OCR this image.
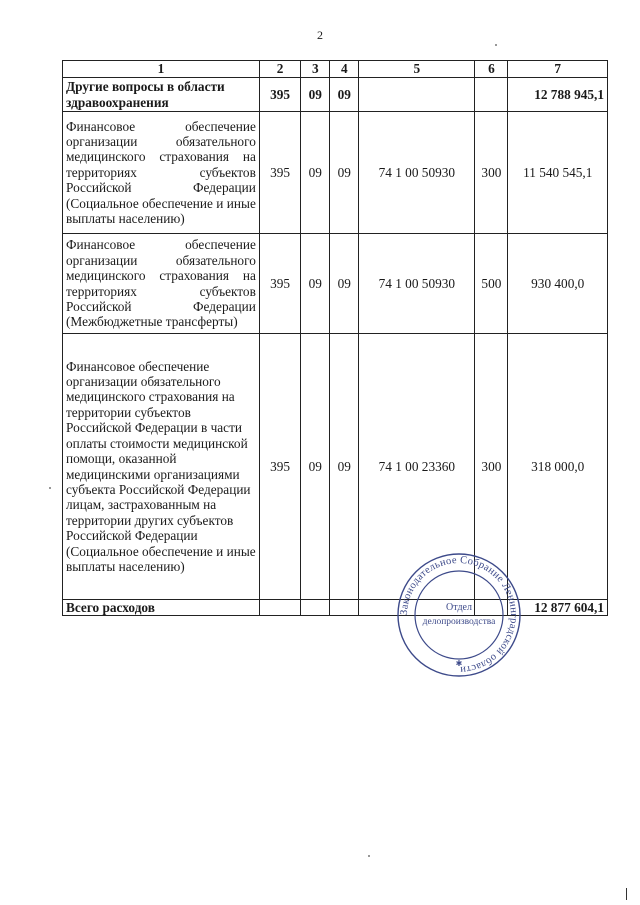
2
1	2	3	4	5	6	7
Другие вопросы в области здравоохранения	395	09	09			12 788 945,1
Финансовое обеспечение организации обязательного медицинского страхования на территориях субъектов Российской Федерации (Социальное обеспечение и иные выплаты населению)	395	09	09	74 1 00 50930	300	11 540 545,1
Финансовое обеспечение организации обязательного медицинского страхования на территориях субъектов Российской Федерации (Межбюджетные трансферты)	395	09	09	74 1 00 50930	500	930 400,0
Финансовое обеспечение организации обязательного медицинского страхования на территории субъектов Российской Федерации в части оплаты стоимости медицинской помощи, оказанной медицинскими организациями субъекта Российской Федерации лицам, застрахованным на территории других субъектов Российской Федерации (Социальное обеспечение и иные выплаты населению)	395	09	09	74 1 00 23360	300	318 000,0
Всего расходов						12 877 604,1
Законодательное Собрание Ленинградской области
Отдел
делопроизводства
✱
